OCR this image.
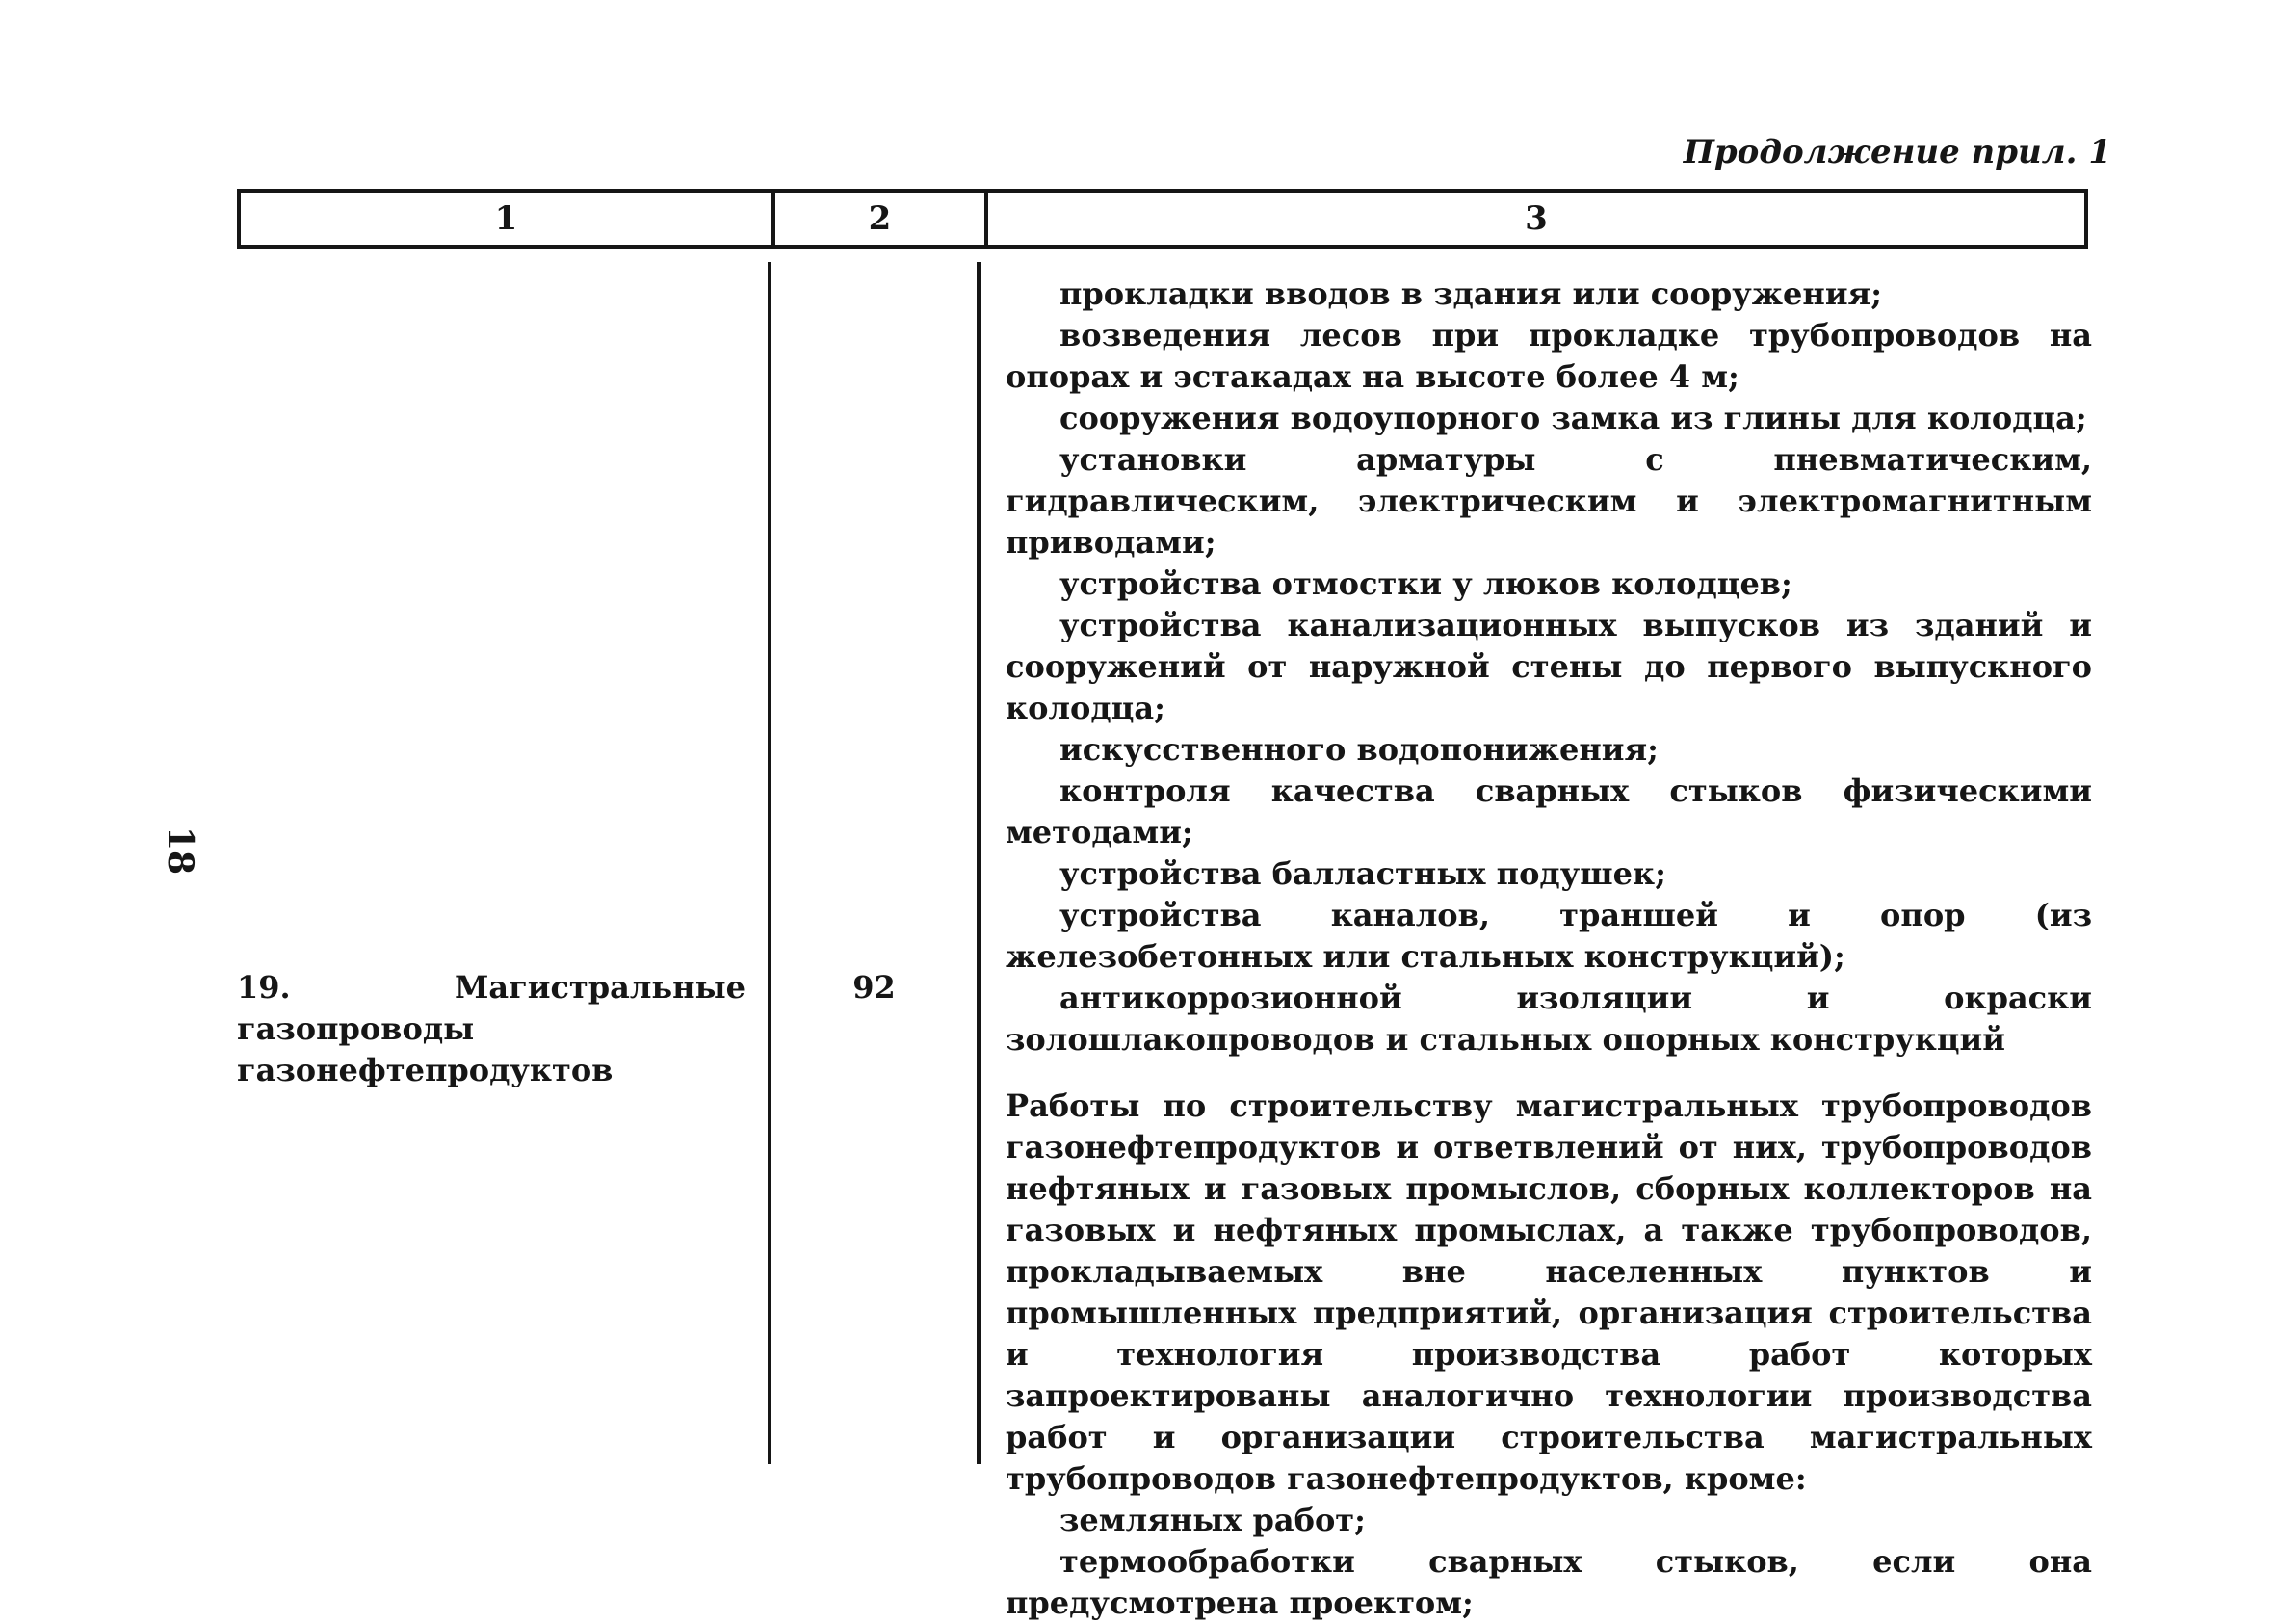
Продолжение прил. 1
18
1	2	3

прокладки вводов в здания или сооружения;

возведения лесов при прокладке трубопроводов на опорах и эстакадах на высоте более 4 м;

сооружения водоупорного замка из глины для колодца;

установки арматуры с пневматическим, гидравлическим, электрическим и электромагнитным приводами;

устройства отмостки у люков колодцев;

устройства канализационных выпусков из зданий и сооружений от наружной стены до первого выпускного колодца;

искусственного водопонижения;

контроля качества сварных стыков физическими методами;

устройства балластных подушек;

устройства каналов, траншей и опор (из железобетонных или стальных конструкций);

антикоррозионной изоляции и окраски золошлакопроводов и стальных опорных конструкций

Работы по строительству магистральных трубопроводов газонефтепродуктов и ответвлений от них, трубопроводов нефтяных и газовых промыслов, сборных коллекторов на газовых и нефтяных промыслах, а также трубопроводов, прокладываемых вне населенных пунктов и промышленных предприятий, организация строительства и технология производства работ которых запроектированы аналогично технологии производства работ и организации строительства магистральных трубопроводов газонефтепродуктов, кроме:

земляных работ;

термообработки сварных стыков, если она предусмотрена проектом;

19. Магистральные газопроводы газонефтепродуктов
92
